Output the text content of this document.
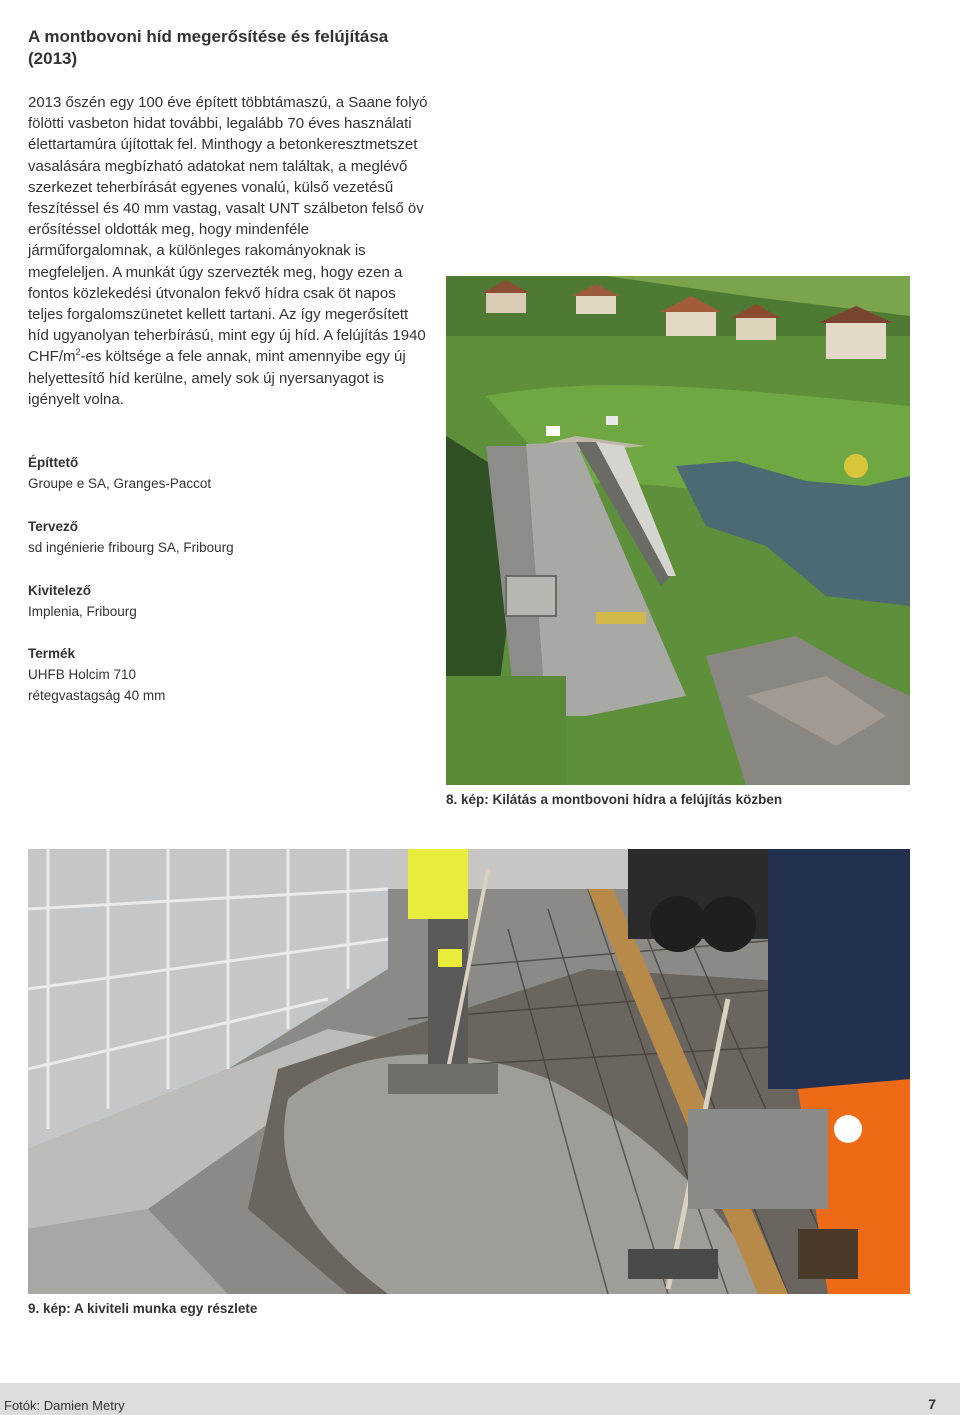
A montbovoni híd megerősítése és felújítása (2013)
2013 őszén egy 100 éve épített többtámaszú, a Saane folyó fölötti vasbeton hidat további, legalább 70 éves használati élettartamúra újítottak fel. Minthogy a betonkeresztmetszet vasalására megbízható adatokat nem találtak, a meglévő szerkezet teherbírását egyenes vonalú, külső vezetésű feszítéssel és 40 mm vastag, vasalt UNT szálbeton felső öv erősítéssel oldották meg, hogy mindenféle járműforgalomnak, a különleges rakományoknak is megfeleljen. A munkát úgy szervezték meg, hogy ezen a fontos közlekedési útvonalon fekvő hídra csak öt napos teljes forgalomszünetet kellett tartani. Az így megerősített híd ugyanolyan teherbírású, mint egy új híd. A felújítás 1940 CHF/$m^2-es$ költsége a fele annak, mint amennyibe egy új helyettesítő híd kerülne, amely sok új nyersanyagot is igényelt volna.
Építtető
Groupe e SA, Granges-Paccot
Tervező
sd ingénierie fribourg SA, Fribourg
Kivitelező
Implenia, Fribourg
Termék
UHFB Holcim 710
rétegvastagság 40 mm
8. kép: Kilátás a montbovoni hídra a felújítás közben
9. kép: A kiviteli munka egy részlete
Fotók: Damien Metry	7
